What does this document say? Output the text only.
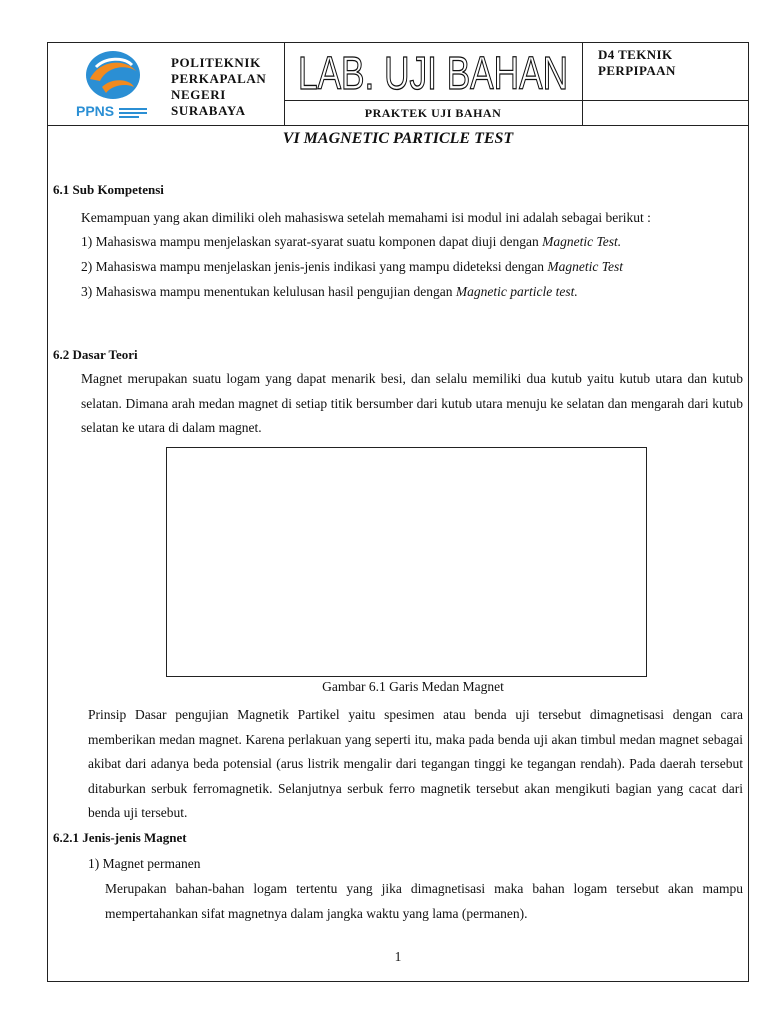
PPNS
POLITEKNIK
PERKAPALAN
NEGERI
SURABAYA
LAB. UJI BAHAN
PRAKTEK UJI BAHAN
D4 TEKNIK
PERPIPAAN
VI MAGNETIC PARTICLE TEST
6.1 Sub Kompetensi
Kemampuan yang akan dimiliki oleh mahasiswa setelah memahami isi modul ini adalah sebagai berikut :
1) Mahasiswa mampu menjelaskan syarat-syarat suatu komponen dapat diuji dengan Magnetic Test.
2) Mahasiswa mampu menjelaskan jenis-jenis indikasi yang mampu dideteksi dengan Magnetic Test
3) Mahasiswa mampu menentukan kelulusan hasil pengujian dengan Magnetic particle test.
6.2 Dasar Teori
Magnet merupakan suatu logam yang dapat menarik besi, dan selalu memiliki dua kutub yaitu kutub utara dan kutub selatan. Dimana arah medan magnet di setiap titik bersumber dari kutub utara menuju ke selatan dan mengarah dari kutub selatan ke utara di dalam magnet.
Gambar 6.1 Garis Medan Magnet
Prinsip Dasar pengujian Magnetik Partikel yaitu spesimen atau benda uji tersebut dimagnetisasi dengan cara memberikan medan magnet. Karena perlakuan yang seperti itu, maka pada benda uji akan timbul medan magnet sebagai akibat dari adanya beda potensial (arus listrik mengalir dari tegangan tinggi ke tegangan rendah). Pada daerah tersebut ditaburkan serbuk ferromagnetik. Selanjutnya serbuk ferro magnetik tersebut akan mengikuti bagian yang cacat dari benda uji tersebut.
6.2.1 Jenis-jenis Magnet
1) Magnet permanen
Merupakan bahan-bahan logam tertentu yang jika dimagnetisasi maka bahan logam tersebut akan mampu mempertahankan sifat magnetnya dalam jangka waktu yang lama (permanen).
1
